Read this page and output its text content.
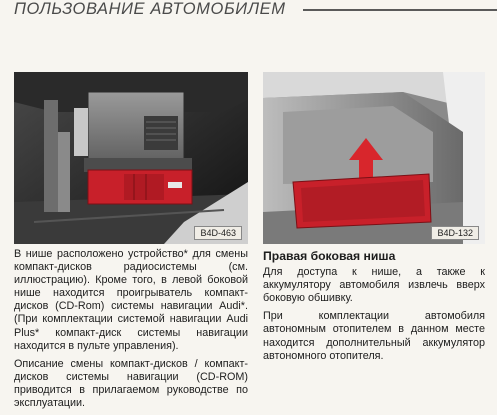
ПОЛЬЗОВАНИЕ АВТОМОБИЛЕМ
B4D-463	B4D-132

В нише расположено устройство* для смены компакт-дисков радиосистемы (см. иллюстрацию). Кроме того, в левой боковой нише находится проигрыватель компакт-дисков (CD-Rom) системы навигации Audi*. (При комплектации системой навигации Audi Plus* компакт-диск системы навигации находится в пульте управления).

Описание смены компакт-дисков / компакт-дисков системы навигации (CD-ROM) приводится в прилагаемом руководстве по эксплуатации.

Правая боковая ниша

Для доступа к нише, а также к аккумулятору автомобиля извлечь вверх боковую обшивку.

При комплектации автомобиля автономным отопителем в данном месте находится дополнительный аккумулятор автономного отопителя.
